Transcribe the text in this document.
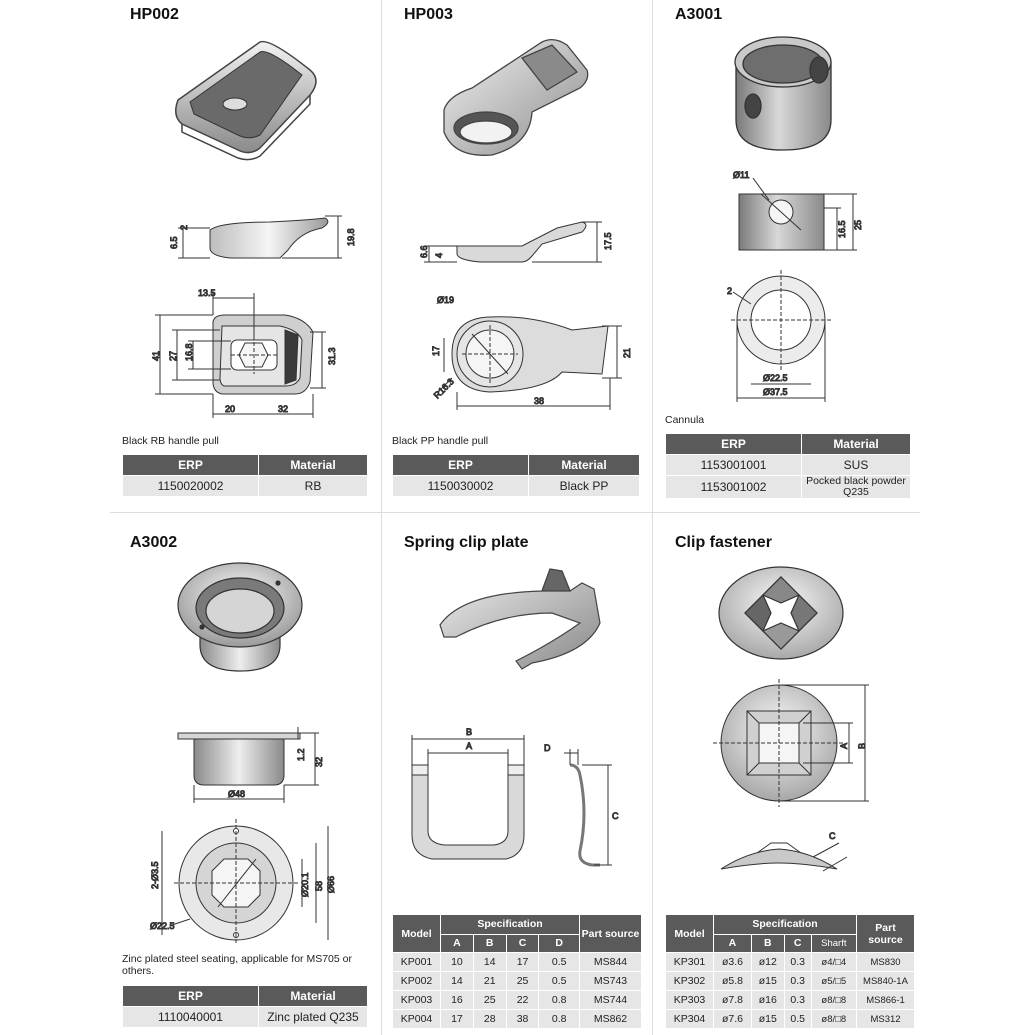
HP002
6.5
2
19.8
13.5
41 27 16.8	31.3
20	32
Black RB handle pull
ERP	Material
1150020002	RB
HP003
6.6 4
17.5
Ø19
17	21
R16.3
38
Black PP handle pull
ERP	Material
1150030002	Black PP
A3001
Ø11
16.5 25
2
Ø22.5
Ø37.5
Cannula
ERP	Material
1153001001	SUS
1153001002	Pocked black powder Q235
A3002
1.2
32
Ø48
2-Ø3.5	Ø20.1 58 Ø66
Ø22.5
Zinc plated steel seating, applicable for MS705 or others.
ERP	Material
1110040001	Zinc plated Q235
Spring clip plate
B
A	D
C
Model	Specification				Part source
	A	B	C	D	
KP001	10	14	17	0.5	MS844
KP002	14	21	25	0.5	MS743
KP003	16	25	22	0.8	MS744
KP004	17	28	38	0.8	MS862
Clip fastener
A B
C
Model	Specification				Part source
	A	B	C	Sharft	
KP301	ø3.6	ø12	0.3	ø4/□4	MS830
KP302	ø5.8	ø15	0.3	ø5/□5	MS840-1A
KP303	ø7.8	ø16	0.3	ø8/□8	MS866-1
KP304	ø7.6	ø15	0.5	ø8/□8	MS312
